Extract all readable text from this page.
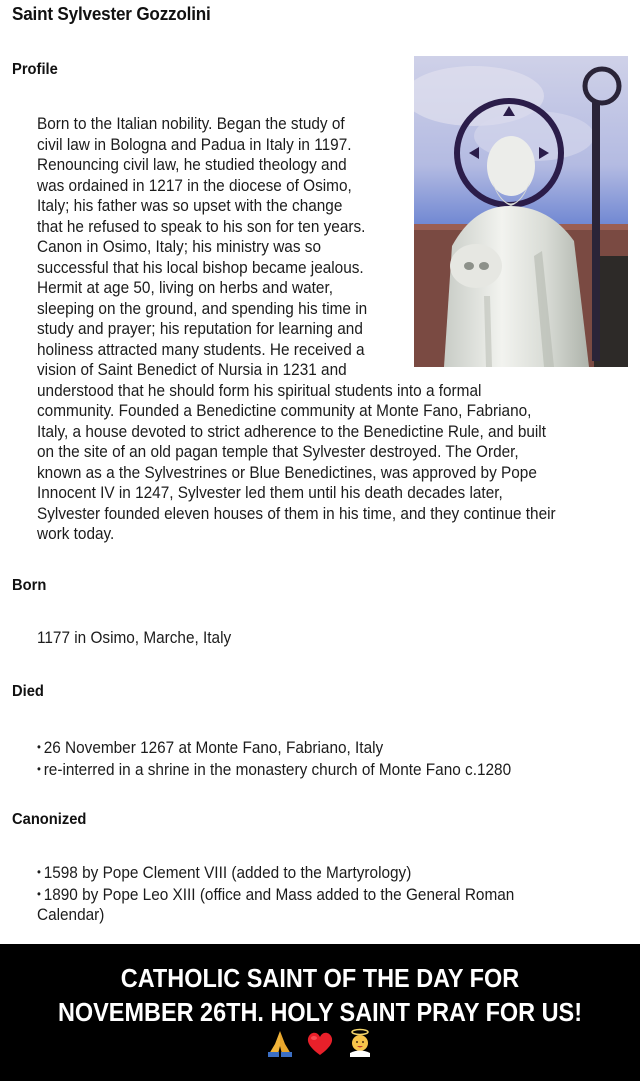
Saint Sylvester Gozzolini
Profile
Born to the Italian nobility. Began the study of
civil law in Bologna and Padua in Italy in 1197.
Renouncing civil law, he studied theology and
was ordained in 1217 in the diocese of Osimo,
Italy; his father was so upset with the change
that he refused to speak to his son for ten years.
Canon in Osimo, Italy; his ministry was so
successful that his local bishop became jealous.
Hermit at age 50, living on herbs and water,
sleeping on the ground, and spending his time in
study and prayer; his reputation for learning and
holiness attracted many students. He received a
vision of Saint Benedict of Nursia in 1231 and
understood that he should form his spiritual students into a formal
community. Founded a Benedictine community at Monte Fano, Fabriano,
Italy, a house devoted to strict adherence to the Benedictine Rule, and built
on the site of an old pagan temple that Sylvester destroyed. The Order,
known as a the Sylvestrines or Blue Benedictines, was approved by Pope
Innocent IV in 1247, Sylvester led them until his death decades later,
Sylvester founded eleven houses of them in his time, and they continue their
work today.
Born
1177 in Osimo, Marche, Italy
Died
• 26 November 1267 at Monte Fano, Fabriano, Italy
• re-interred in a shrine in the monastery church of Monte Fano c.1280
Canonized
• 1598 by Pope Clement VIII (added to the Martyrology)
• 1890 by Pope Leo XIII (office and Mass added to the General Roman
Calendar)
CATHOLIC SAINT OF THE DAY FOR
NOVEMBER 26TH. HOLY SAINT PRAY FOR US!
